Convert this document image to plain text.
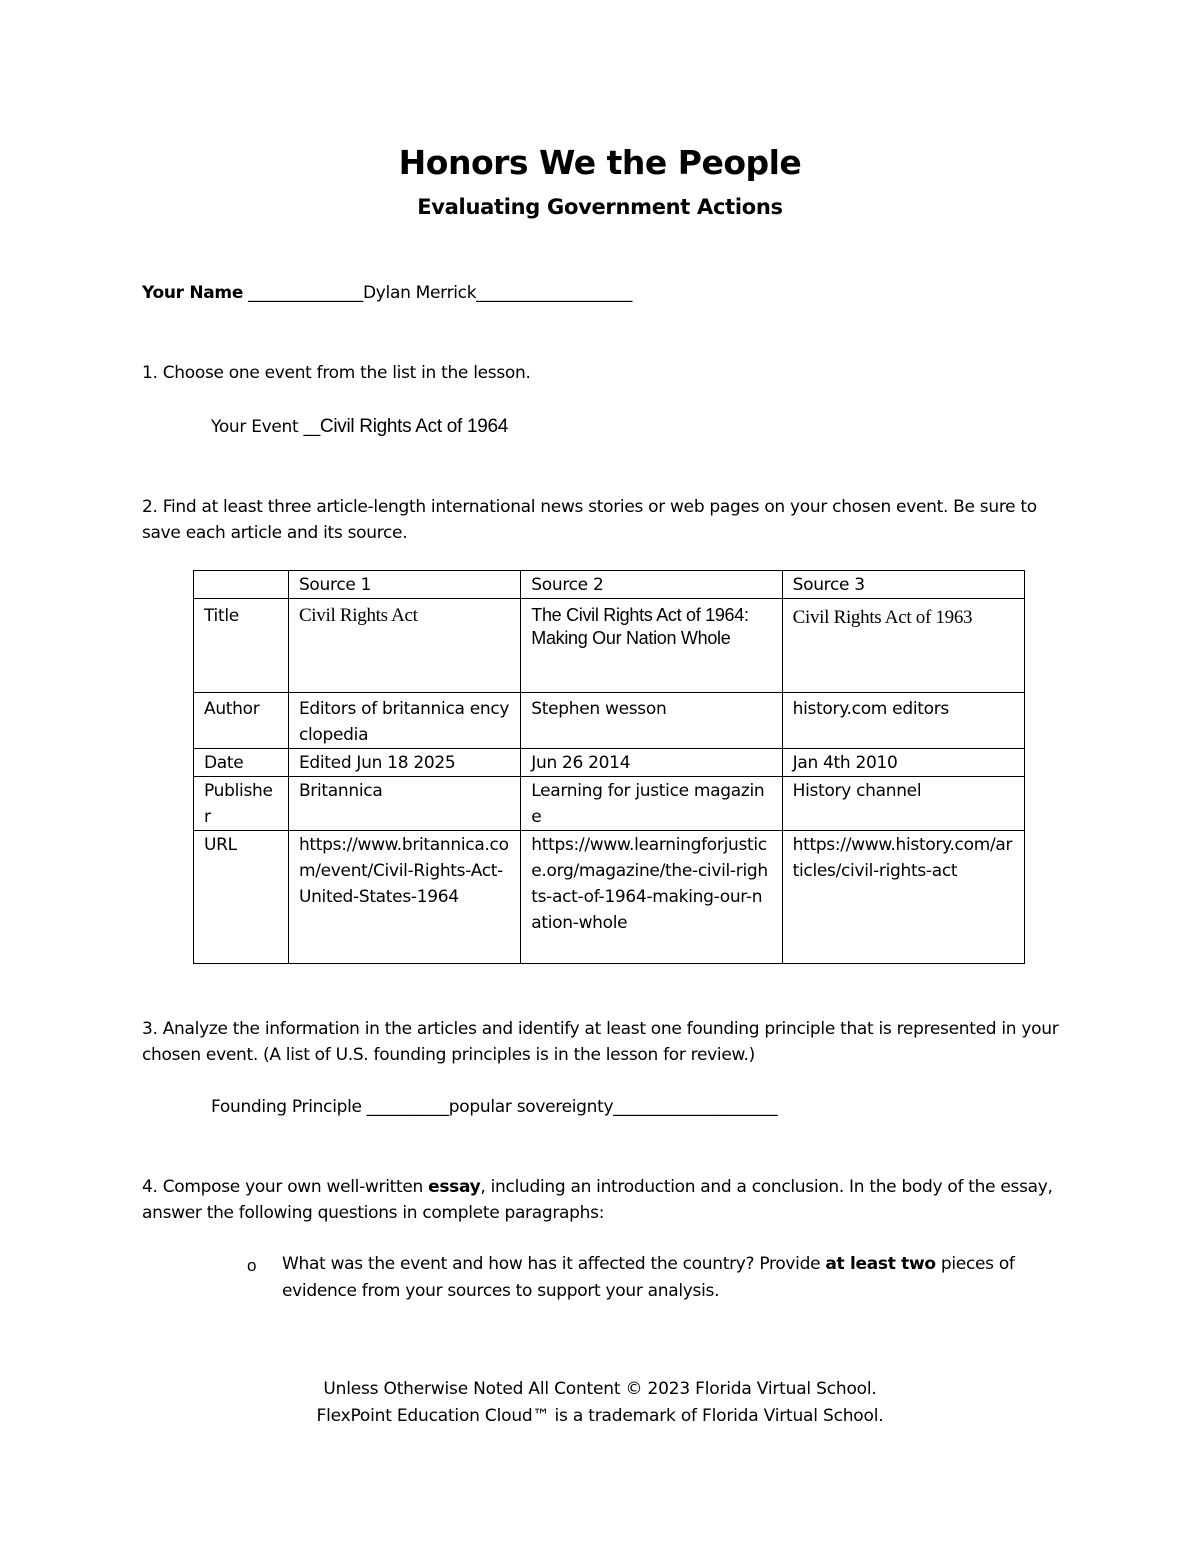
Honors We the People
Evaluating Government Actions
Your Name ______________Dylan Merrick___________________
1. Choose one event from the list in the lesson.
Your Event __Civil Rights Act of 1964
2. Find at least three article-length international news stories or web pages on your chosen event. Be sure to save each article and its source.
	Source 1	Source 2	Source 3
Title	Civil Rights Act	The Civil Rights Act of 1964: Making Our Nation Whole	Civil Rights Act of 1963

Author	Editors of britannica encyclopedia	Stephen wesson	history.com editors
Date	Edited Jun 18 2025	Jun 26 2014	Jan 4th 2010
Publisher	Britannica	Learning for justice magazine	History channel
URL	https://www.britannica.com/event/Civil-Rights-Act-United-States-1964	https://www.learningforjustice.org/magazine/the-civil-rights-act-of-1964-making-our-nation-whole	https://www.history.com/articles/civil-rights-act
3. Analyze the information in the articles and identify at least one founding principle that is represented in your chosen event. (A list of U.S. founding principles is in the lesson for review.)
Founding Principle __________popular sovereignty____________________
4. Compose your own well-written essay, including an introduction and a conclusion. In the body of the essay, answer the following questions in complete paragraphs:
o What was the event and how has it affected the country? Provide at least two pieces of evidence from your sources to support your analysis.
Unless Otherwise Noted All Content © 2023 Florida Virtual School.
FlexPoint Education Cloud™ is a trademark of Florida Virtual School.
